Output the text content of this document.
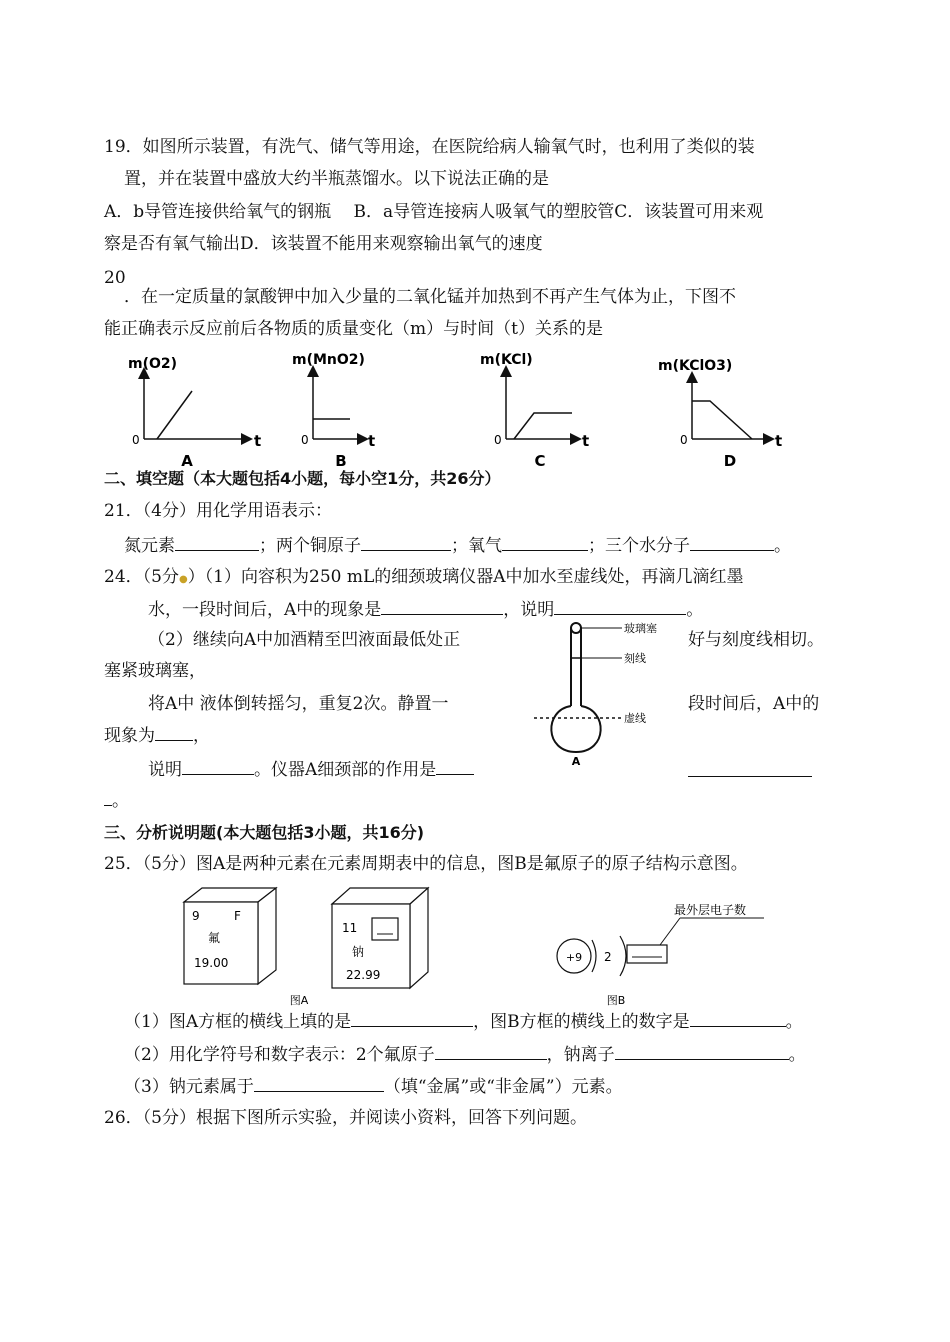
19．如图所示装置，有洗气、储气等用途，在医院给病人输氧气时，也利用了类似的装
置，并在装置中盛放大约半瓶蒸馏水。以下说法正确的是
A．b导管连接供给氧气的钢瓶　 B．a导管连接病人吸氧气的塑胶管C．该装置可用来观
察是否有氧气输出D．该装置不能用来观察输出氧气的速度
20
．在一定质量的氯酸钾中加入少量的二氧化锰并加热到不再产生气体为止，下图不
能正确表示反应前后各物质的质量变化（m）与时间（t）关系的是
m(O2)
0	t
A
m(MnO2)
0	t
B
m(KCl)
0	t
C
m(KClO3)
0	t
D
二、填空题（本大题包括4小题，每小空1分，共26分）
21．（4分）用化学用语表示：
氮元素	；两个铜原子	；氧气	；三个水分子	。
24．（5分●）（1）向容积为250 mL的细颈玻璃仪器A中加水至虚线处，再滴几滴红墨
水，一段时间后，A中的现象是	，说明	。
（2）继续向A中加酒精至凹液面最低处正	好与刻度线相切。
塞紧玻璃塞，
将A中 液体倒转摇匀，重复2次。静置一	段时间后，A中的
现象为 ，
说明	。仪器A细颈部的作用是
。
玻璃塞
刻线
虚线
A
三、分析说明题(本大题包括3小题，共16分)
25．（5分）图A是两种元素在元素周期表中的信息，图B是氟原子的原子结构示意图。
9	F
氟
19.00
11
钠
22.99
图A
+9 2
最外层电子数
图B
（1）图A方框的横线上填的是	，图B方框的横线上的数字是	。
（2）用化学符号和数字表示：2个氟原子	，钠离子	。
（3）钠元素属于	（填“金属”或“非金属”）元素。
26．（5分）根据下图所示实验，并阅读小资料，回答下列问题。
